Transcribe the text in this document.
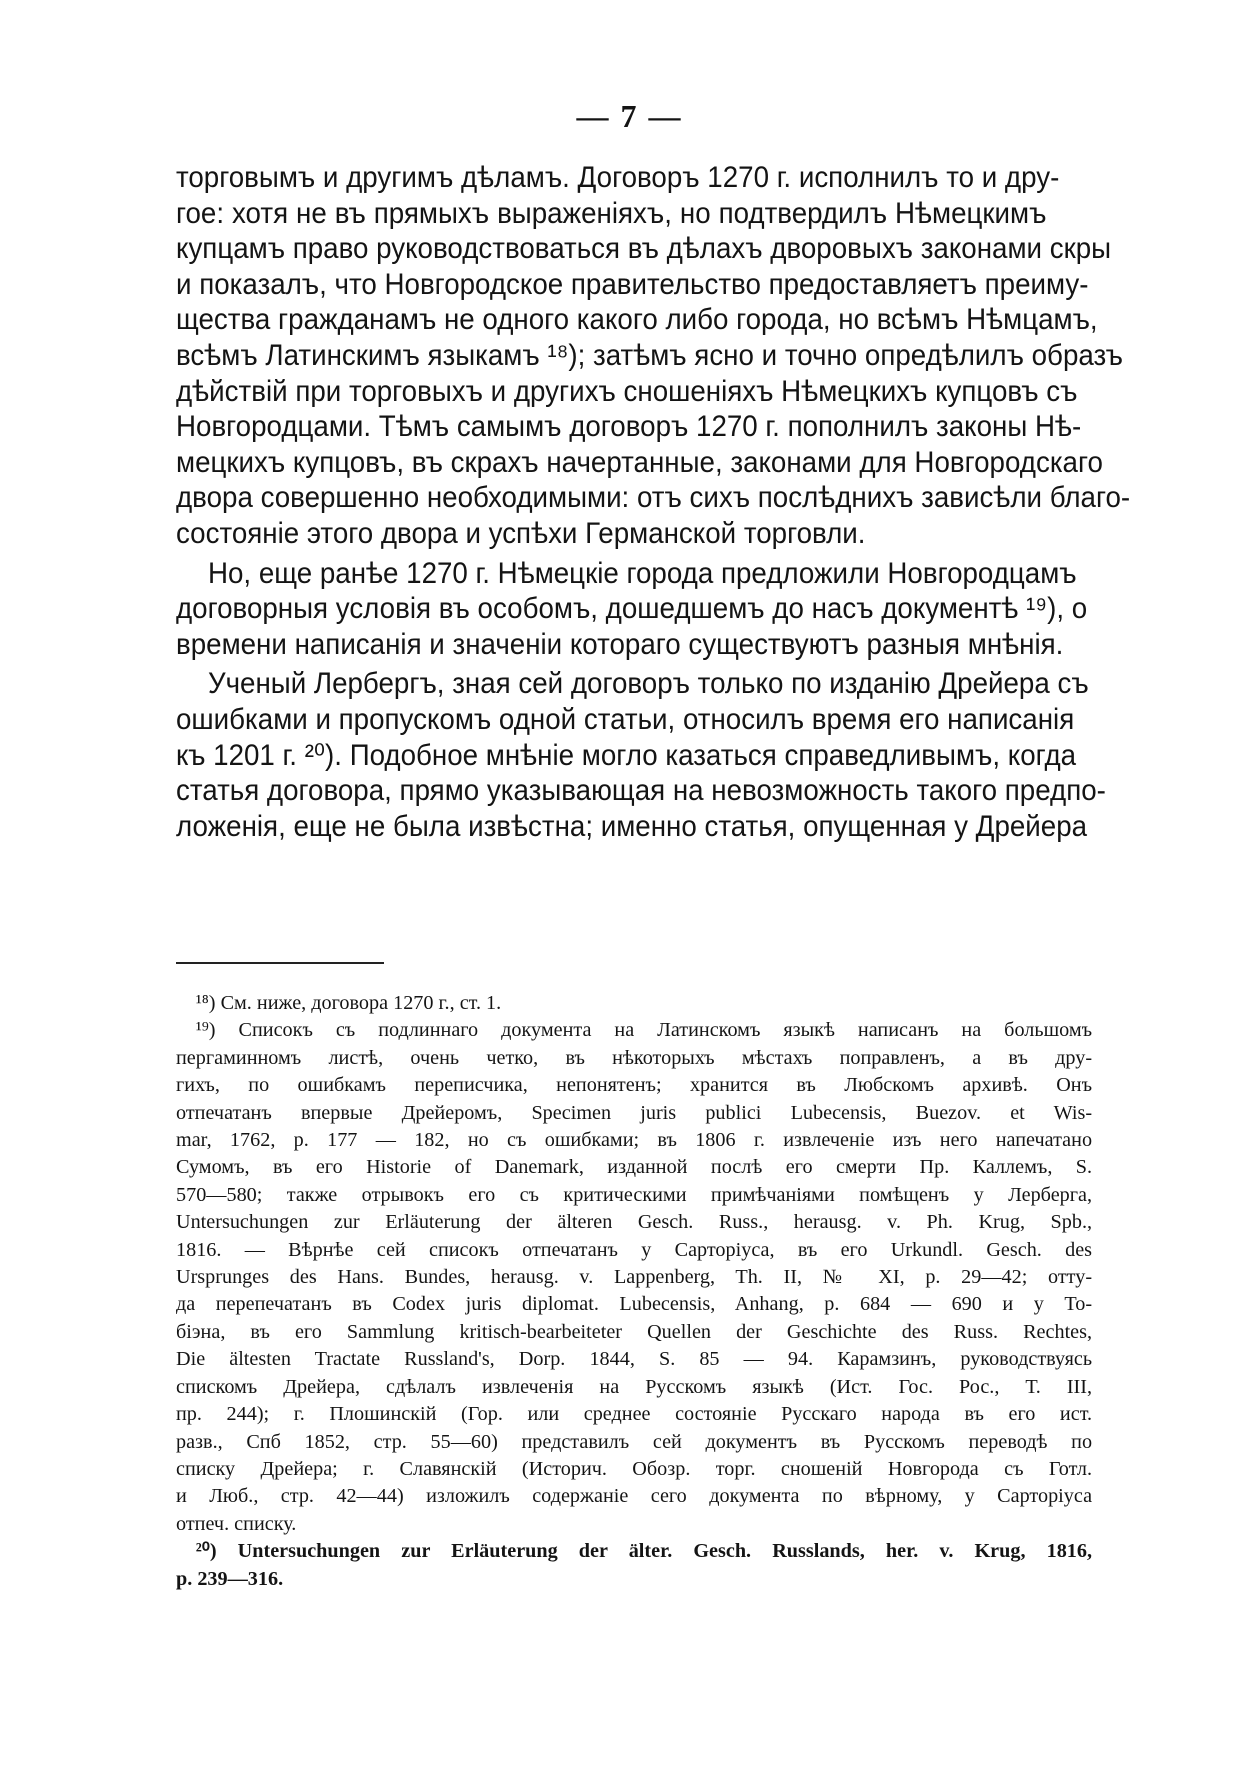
— 7 —

торговымъ и другимъ дѣламъ. Договоръ 1270 г. исполнилъ то и дру-
гое: хотя не въ прямыхъ выраженіяхъ, но подтвердилъ Нѣмецкимъ
купцамъ право руководствоваться въ дѣлахъ дворовыхъ законами скры
и показалъ, что Новгородское правительство предоставляетъ преиму-
щества гражданамъ не одного какого либо города, но всѣмъ Нѣмцамъ,
всѣмъ Латинскимъ языкамъ ¹⁸); затѣмъ ясно и точно опредѣлилъ образъ
дѣйствій при торговыхъ и другихъ сношеніяхъ Нѣмецкихъ купцовъ съ
Новгородцами. Тѣмъ самымъ договоръ 1270 г. пополнилъ законы Нѣ-
мецкихъ купцовъ, въ скрахъ начертанные, законами для Новгородскаго
двора совершенно необходимыми: отъ сихъ послѣднихъ зависѣли благо-
состояніе этого двора и успѣхи Германской торговли.

Но, еще ранѣе 1270 г. Нѣмецкіе города предложили Новгородцамъ
договорныя условія въ особомъ, дошедшемъ до насъ документѣ ¹⁹), о
времени написанія и значеніи котораго существуютъ разныя мнѣнія.

Ученый Лербергъ, зная сей договоръ только по изданію Дрейера съ
ошибками и пропускомъ одной статьи, относилъ время его написанія
къ 1201 г. ²⁰). Подобное мнѣніе могло казаться справедливымъ, когда
статья договора, прямо указывающая на невозможность такого предпо-
ложенія, еще не была извѣстна; именно статья, опущенная у Дрейера

¹⁸) См. ниже, договора 1270 г., ст. 1.

¹⁹) Списокъ съ подлиннаго документа на Латинскомъ языкѣ написанъ на большомъ
пергаминномъ листѣ, очень четко, въ нѣкоторыхъ мѣстахъ поправленъ, а въ дру-
гихъ, по ошибкамъ переписчика, непонятенъ; хранится въ Любскомъ архивѣ. Онъ
отпечатанъ впервые Дрейеромъ, Specimen juris publici Lubecensis, Buezov. et Wis-
mar, 1762, p. 177 — 182, но съ ошибками; въ 1806 г. извлеченіе изъ него напечатано
Сумомъ, въ его Historie of Danemark, изданной послѣ его смерти Пр. Каллемъ, S.
570—580; также отрывокъ его съ критическими примѣчаніями помѣщенъ у Лерберга,
Untersuchungen zur Erläuterung der älteren Gesch. Russ., herausg. v. Ph. Krug, Spb.,
1816. — Вѣрнѣе сей списокъ отпечатанъ у Сарторіуса, въ его Urkundl. Gesch. des
Ursprunges des Hans. Bundes, herausg. v. Lappenberg, Th. II, № XI, p. 29—42; отту-
да перепечатанъ въ Codex juris diplomat. Lubecensis, Anhang, p. 684 — 690 и у То-
біэна, въ его Sammlung kritisch-bearbeiteter Quellen der Geschichte des Russ. Rechtes,
Die ältesten Tractate Russland's, Dorp. 1844, S. 85 — 94. Карамзинъ, руководствуясь
спискомъ Дрейера, сдѣлалъ извлеченія на Русскомъ языкѣ (Ист. Гос. Рос., Т. III,
пр. 244); г. Плошинскій (Гор. или среднее состояніе Русскаго народа въ его ист.
разв., Спб 1852, стр. 55—60) представилъ сей документъ въ Русскомъ переводѣ по
списку Дрейера; г. Славянскій (Историч. Обозр. торг. сношеній Новгорода съ Готл.
и Люб., стр. 42—44) изложилъ содержаніе сего документа по вѣрному, у Сарторіуса
отпеч. списку.

²⁰) Untersuchungen zur Erläuterung der älter. Gesch. Russlands, her. v. Krug, 1816,
p. 239—316.
